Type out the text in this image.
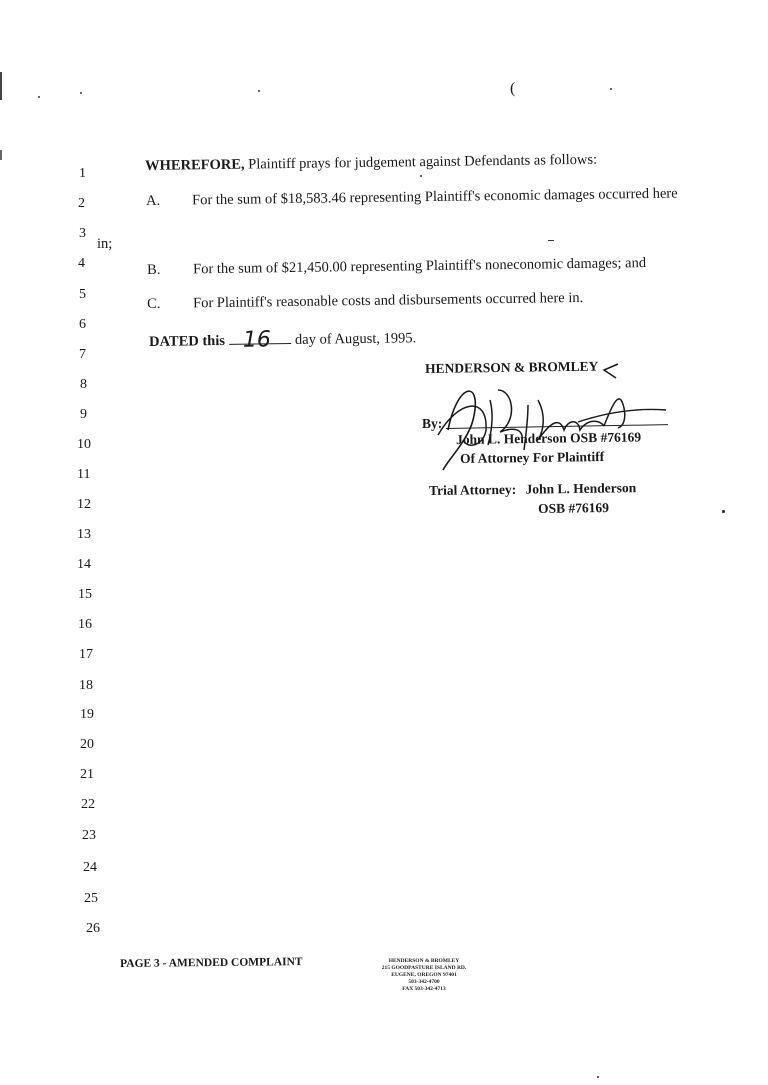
(
1
2
3
4
5
6
7
8
9
10
11
12
13
14
15
16
17
18
19
20
21
22
23
24
25
26
WHEREFORE, Plaintiff prays for judgement against Defendants as follows:
A. For the sum of $18,583.46 representing Plaintiff's economic damages occurred here
in;
B. For the sum of $21,450.00 representing Plaintiff's noneconomic damages; and
C. For Plaintiff's reasonable costs and disbursements occurred here in.
DATED this 16 day of August, 1995.
HENDERSON & BROMLEY
By:
John L. Henderson OSB #76169
Of Attorney For Plaintiff
Trial Attorney: John L. Henderson
OSB #76169
PAGE 3 - AMENDED COMPLAINT	HENDERSON & BROMLEY
215 GOODPASTURE ISLAND RD.
EUGENE, OREGON 97401
503-342-4700
FAX 503-342-4713
